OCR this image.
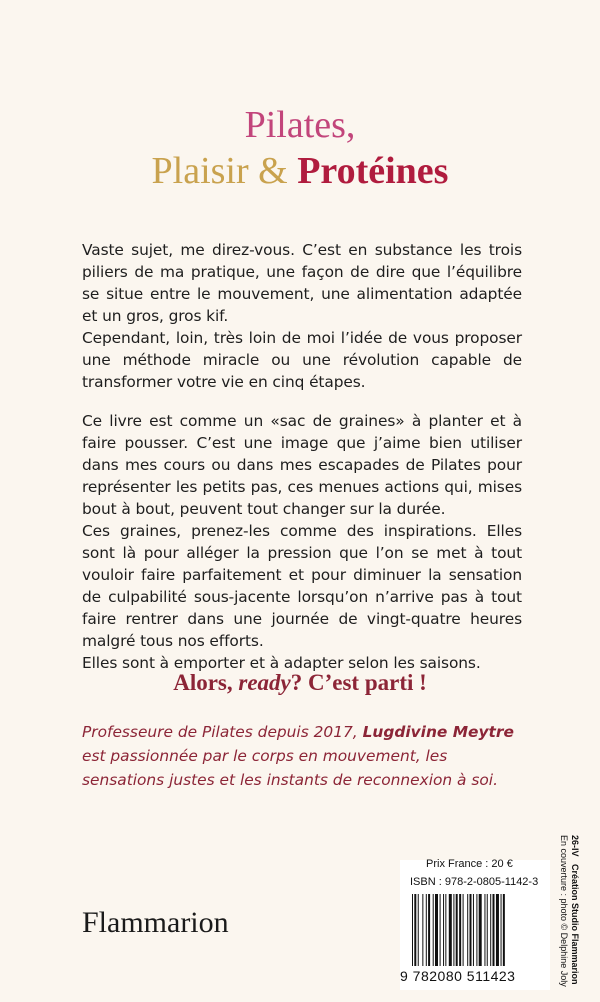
Pilates,
Plaisir & Protéines

Vaste sujet, me direz-vous. C’est en substance les trois piliers de ma pratique, une façon de dire que l’équilibre se situe entre le mouvement, une alimentation adaptée et un gros, gros kif.

Cependant, loin, très loin de moi l’idée de vous proposer une méthode miracle ou une révolution capable de transformer votre vie en cinq étapes.

Ce livre est comme un «sac de graines» à planter et à faire pousser. C’est une image que j’aime bien utiliser dans mes cours ou dans mes escapades de Pilates pour représenter les petits pas, ces menues actions qui, mises bout à bout, peuvent tout changer sur la durée.

Ces graines, prenez-les comme des inspirations. Elles sont là pour alléger la pression que l’on se met à tout vouloir faire parfaitement et pour diminuer la sensation de culpabilité sous-jacente lorsqu’on n’arrive pas à tout faire rentrer dans une journée de vingt-quatre heures malgré tous nos efforts.

Elles sont à emporter et à adapter selon les saisons.

Alors, ready? C’est parti !
Professeure de Pilates depuis 2017, Lugdivine Meytre est passionnée par le corps en mouvement, les sensations justes et les instants de reconnexion à soi.
Flammarion
Prix France : 20 €
ISBN : 978-2-0805-1142-3
9 782080 511423
26-IV   Création Studio Flammarion
En couverture : photo © Delphine Joly
